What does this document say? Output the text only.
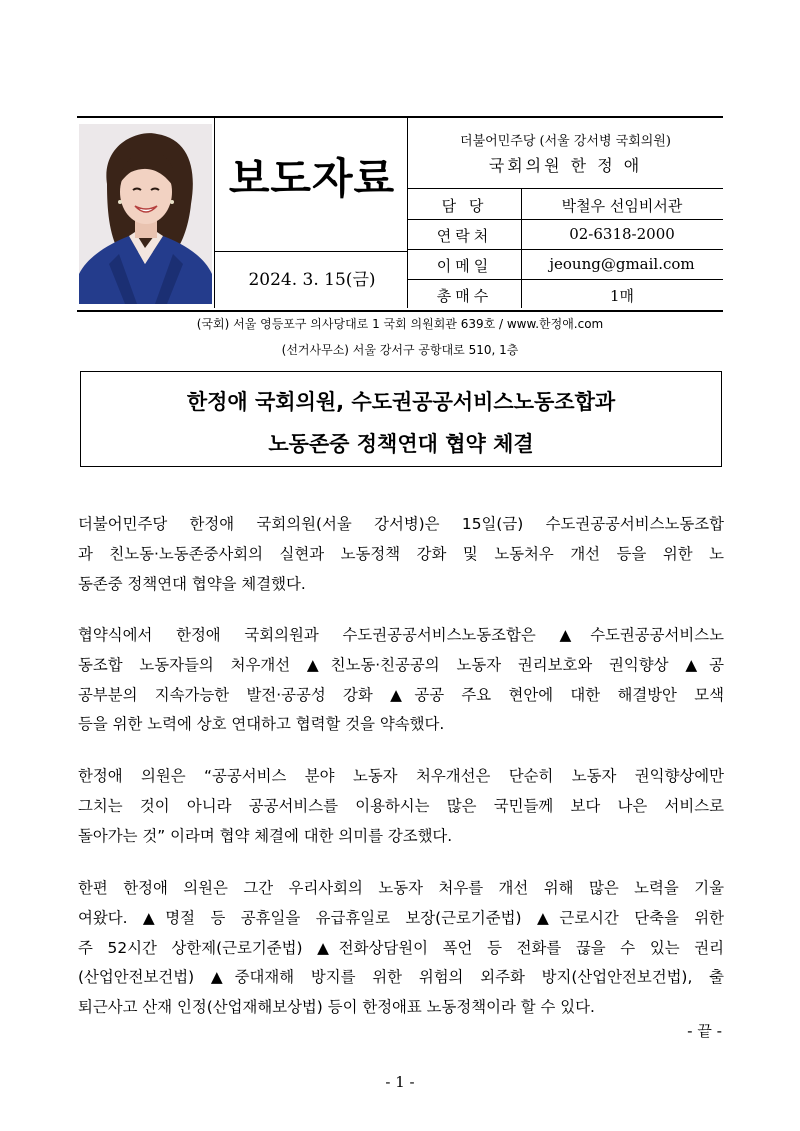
보도자료
2024. 3. 15(금)
더불어민주당 (서울 강서병 국회의원)
국회의원 한 정 애
담 당	박철우 선임비서관
연락처	02-6318-2000
이메일	jeoung@gmail.com
총매수	1매
(국회) 서울 영등포구 의사당대로 1 국회 의원회관 639호 / www.한정애.com
(선거사무소) 서울 강서구 공항대로 510, 1층
한정애 국회의원, 수도권공공서비스노동조합과
노동존중 정책연대 협약 체결
더불어민주당 한정애 국회의원(서울 강서병)은 15일(금) 수도권공공서비스노동조합
과 친노동·노동존중사회의 실현과 노동정책 강화 및 노동처우 개선 등을 위한 노
동존중 정책연대 협약을 체결했다.
협약식에서 한정애 국회의원과 수도권공공서비스노동조합은 ▲수도권공공서비스노
동조합 노동자들의 처우개선 ▲친노동·친공공의 노동자 권리보호와 권익향상 ▲공
공부분의 지속가능한 발전·공공성 강화 ▲공공 주요 현안에 대한 해결방안 모색
등을 위한 노력에 상호 연대하고 협력할 것을 약속했다.
한정애 의원은 “공공서비스 분야 노동자 처우개선은 단순히 노동자 권익향상에만
그치는 것이 아니라 공공서비스를 이용하시는 많은 국민들께 보다 나은 서비스로
돌아가는 것” 이라며 협약 체결에 대한 의미를 강조했다.
한편 한정애 의원은 그간 우리사회의 노동자 처우를 개선 위해 많은 노력을 기울
여왔다. ▲명절 등 공휴일을 유급휴일로 보장(근로기준법) ▲근로시간 단축을 위한
주 52시간 상한제(근로기준법) ▲전화상담원이 폭언 등 전화를 끊을 수 있는 권리
(산업안전보건법) ▲중대재해 방지를 위한 위험의 외주화 방지(산업안전보건법), 출
퇴근사고 산재 인정(산업재해보상법) 등이 한정애표 노동정책이라 할 수 있다.
- 끝 -
- 1 -
